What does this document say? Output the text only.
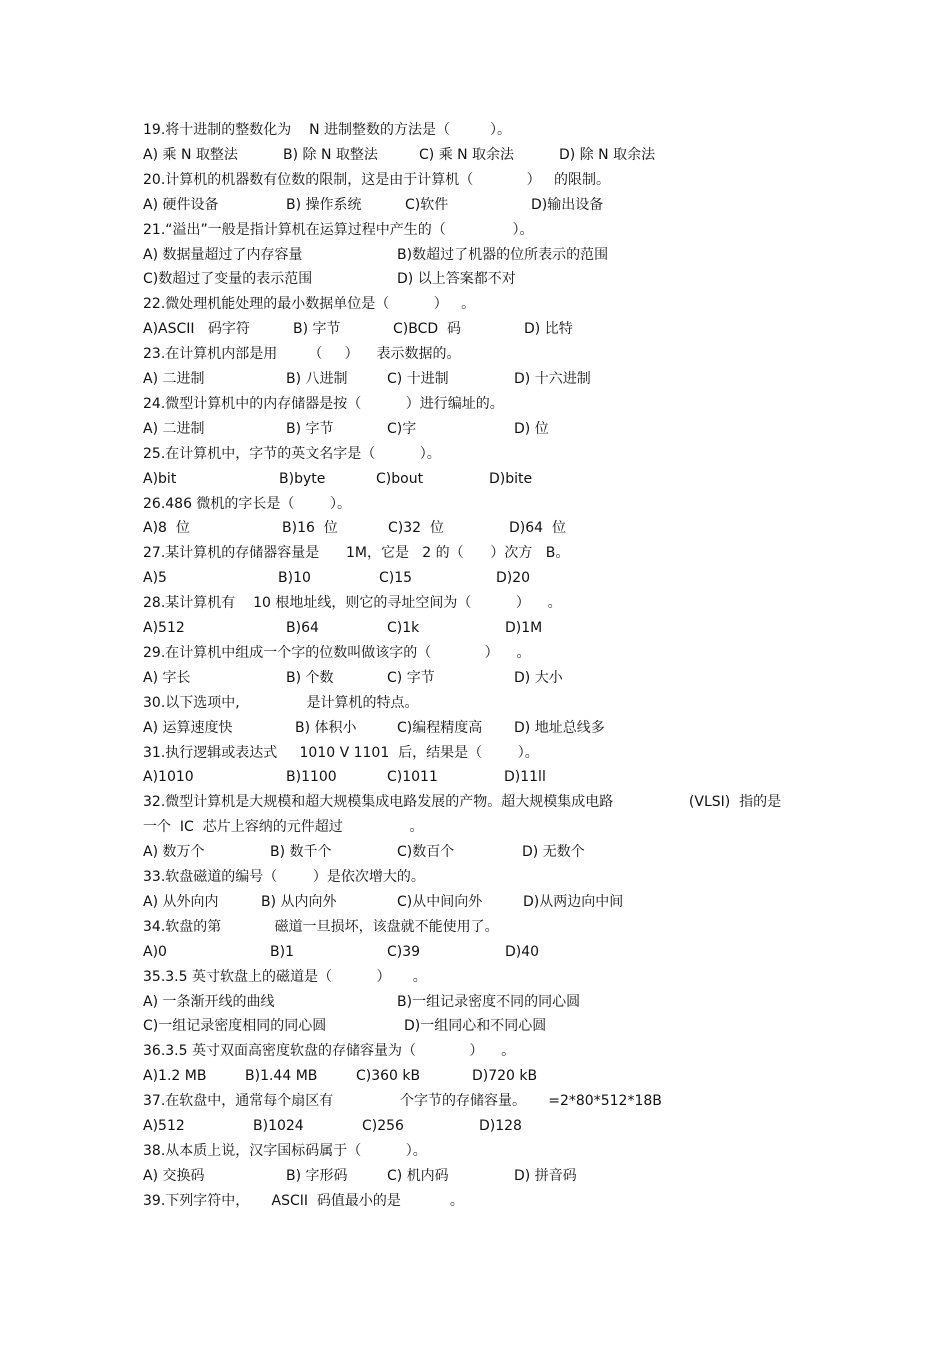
19.将十进制的整数化为    N 进制整数的方法是（         ）。
A) 乘 N 取整法	B) 除 N 取整法	C) 乘 N 取余法	D) 除 N 取余法
20.计算机的机器数有位数的限制，这是由于计算机（            ）   的限制。
A) 硬件设备	B) 操作系统	C)软件	D)输出设备
21.“溢出”一般是指计算机在运算过程中产生的（               ）。
A) 数据量超过了内存容量	B)数超过了机器的位所表示的范围
C)数超过了变量的表示范围	D) 以上答案都不对
22.微处理机能处理的最小数据单位是（          ）   。
A)ASCII   码字符	B) 字节	C)BCD  码	D) 比特
23.在计算机内部是用       （     ）    表示数据的。
A) 二进制	B) 八进制	C) 十进制	D) 十六进制
24.微型计算机中的内存储器是按（          ）进行编址的。
A) 二进制	B) 字节	C)字	D) 位
25.在计算机中，字节的英文名字是（          ）。
A)bit	B)byte	C)bout	D)bite
26.486 微机的字长是（        ）。
A)8  位	B)16  位	C)32  位	D)64  位
27.某计算机的存储器容量是      1M，它是   2 的（      ）次方   B。
A)5	B)10	C)15	D)20
28.某计算机有    10 根地址线，则它的寻址空间为（          ）    。
A)512	B)64	C)1k	D)1M
29.在计算机中组成一个字的位数叫做该字的（            ）    。
A) 字长	B) 个数	C) 字节	D) 大小
30.以下选项中,               是计算机的特点。
A) 运算速度快	B) 体积小	C)编程精度高 D) 地址总线多
31.执行逻辑或表达式     1010 V 1101  后，结果是（        ）。
A)1010	B)1100	C)1011	D)11ll
32.微型计算机是大规模和超大规模集成电路发展的产物。超大规模集成电路                 (VLSI)  指的是
一个  IC  芯片上容纳的元件超过               。
A) 数万个	B) 数千个	C)数百个	D) 无数个
33.软盘磁道的编号（        ）是依次增大的。
A) 从外向内	B) 从内向外	C)从中间向外	D)从两边向中间
34.软盘的第            磁道一旦损坏，该盘就不能使用了。
A)0	B)1	C)39	D)40
35.3.5 英寸软盘上的磁道是（          ）     。
A) 一条渐开线的曲线	B)一组记录密度不同的同心圆
C)一组记录密度相同的同心圆	D)一组同心和不同心圆
36.3.5 英寸双面高密度软盘的存储容量为（            ）    。
A)1.2 MB	B)1.44 MB	C)360 kB	D)720 kB
37.在软盘中，通常每个扇区有               个字节的存储容量。     =2*80*512*18B
A)512	B)1024	C)256	D)128
38.从本质上说，汉字国标码属于（          ）。
A) 交换码	B) 字形码	C) 机内码	D) 拼音码
39.下列字符中，     ASCII  码值最小的是           。
